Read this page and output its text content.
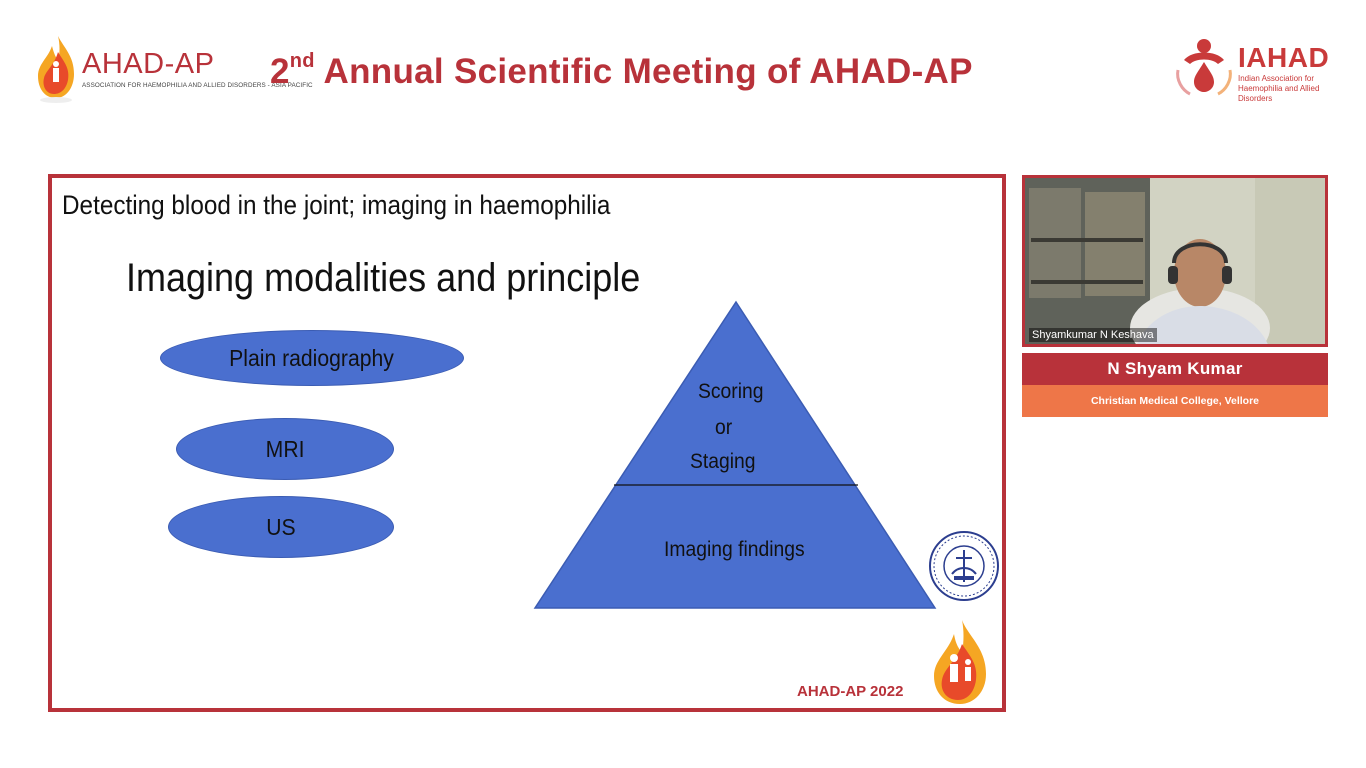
AHAD-AP
ASSOCIATION FOR HAEMOPHILIA AND ALLIED DISORDERS - ASIA PACIFIC
2nd Annual Scientific Meeting of AHAD-AP	IAHAD
Indian Association for Haemophilia and Allied Disorders
Detecting blood in the joint; imaging in haemophilia
Imaging modalities and principle
Plain radiography
MRI
US
Scoring
or
Staging
Imaging findings
AHAD-AP 2022
Shyamkumar N Keshava
N Shyam Kumar
Christian Medical College, Vellore
